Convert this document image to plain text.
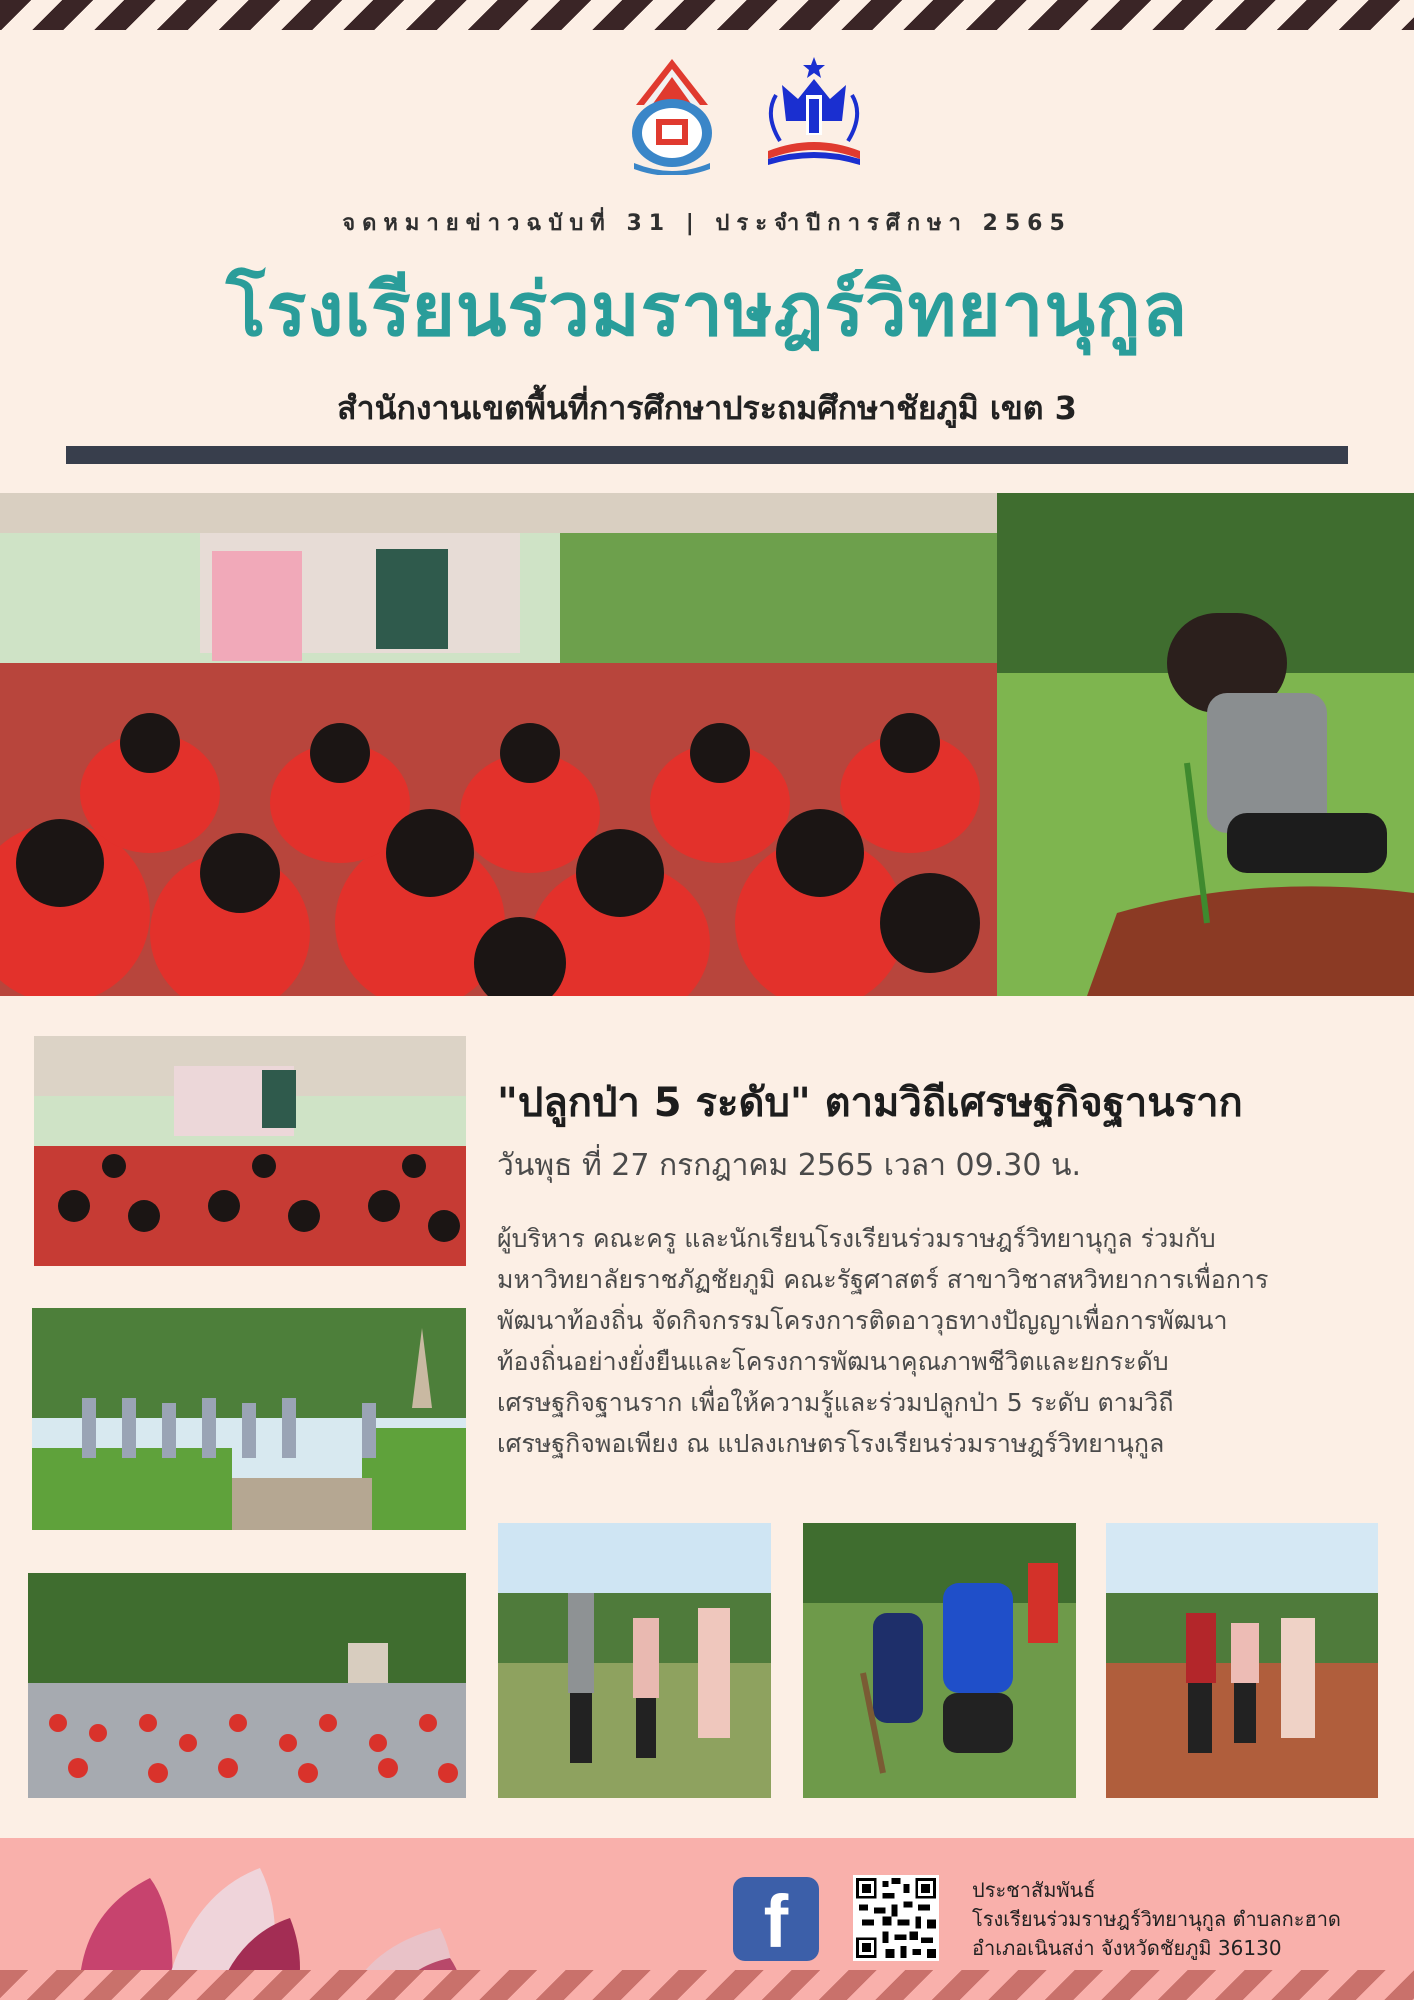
จดหมายข่าวฉบับที่ 31 | ประจำปีการศึกษา 2565
โรงเรียนร่วมราษฎร์วิทยานุกูล
สำนักงานเขตพื้นที่การศึกษาประถมศึกษาชัยภูมิ เขต 3
"ปลูกป่า 5 ระดับ" ตามวิถีเศรษฐกิจฐานราก
วันพุธ ที่ 27 กรกฎาคม 2565 เวลา 09.30 น.
ผู้บริหาร คณะครู และนักเรียนโรงเรียนร่วมราษฎร์วิทยานุกูล ร่วมกับ
มหาวิทยาลัยราชภัฏชัยภูมิ คณะรัฐศาสตร์ สาขาวิชาสหวิทยาการเพื่อการ
พัฒนาท้องถิ่น จัดกิจกรรมโครงการติดอาวุธทางปัญญาเพื่อการพัฒนา
ท้องถิ่นอย่างยั่งยืนและโครงการพัฒนาคุณภาพชีวิตและยกระดับ
เศรษฐกิจฐานราก เพื่อให้ความรู้และร่วมปลูกป่า 5 ระดับ ตามวิถี
เศรษฐกิจพอเพียง ณ แปลงเกษตรโรงเรียนร่วมราษฎร์วิทยานุกูล
f	ประชาสัมพันธ์
โรงเรียนร่วมราษฎร์วิทยานุกูล ตำบลกะฮาด
อำเภอเนินสง่า จังหวัดชัยภูมิ 36130
